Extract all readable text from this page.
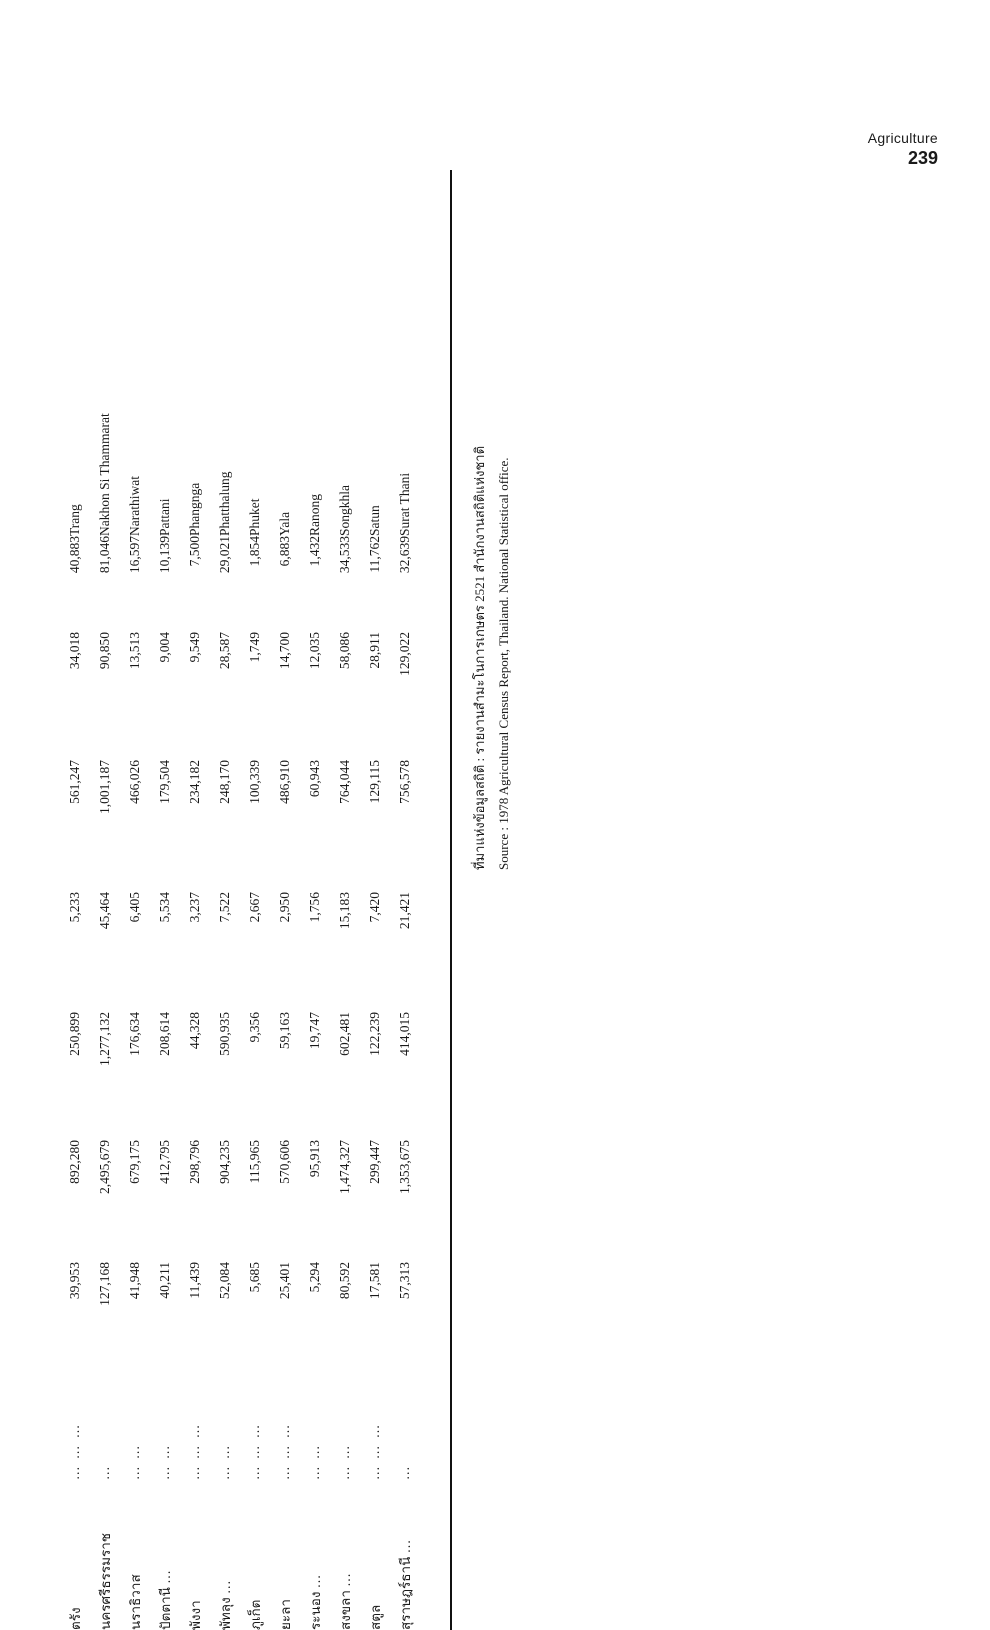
Agriculture
239
ตรัง	… … …	39,953	892,280	250,899	5,233	561,247	34,018	40,883	Trang
นครศรีธรรมราช	…	127,168	2,495,679	1,277,132	45,464	1,001,187	90,850	81,046	Nakhon Si Thammarat
นราธิวาส	… …	41,948	679,175	176,634	6,405	466,026	13,513	16,597	Narathiwat
ปัตตานี …	… …	40,211	412,795	208,614	5,534	179,504	9,004	10,139	Pattani
พังงา	… … …	11,439	298,796	44,328	3,237	234,182	9,549	7,500	Phangnga
พัทลุง …	… …	52,084	904,235	590,935	7,522	248,170	28,587	29,021	Phatthalung
ภูเก็ต	… … …	5,685	115,965	9,356	2,667	100,339	1,749	1,854	Phuket
ยะลา	… … …	25,401	570,606	59,163	2,950	486,910	14,700	6,883	Yala
ระนอง …	… …	5,294	95,913	19,747	1,756	60,943	12,035	1,432	Ranong
สงขลา …	… …	80,592	1,474,327	602,481	15,183	764,044	58,086	34,533	Songkhla
สตูล	… … …	17,581	299,447	122,239	7,420	129,115	28,911	11,762	Satun
สุราษฎร์ธานี …	…	57,313	1,353,675	414,015	21,421	756,578	129,022	32,639	Surat Thani	ที่มาแห่งข้อมูลสถิติ : รายงานสำมะโนการเกษตร 2521 สำนักงานสถิติแห่งชาติ Source : 1978 Agricultural Census Report, Thailand. National Statistical office.
